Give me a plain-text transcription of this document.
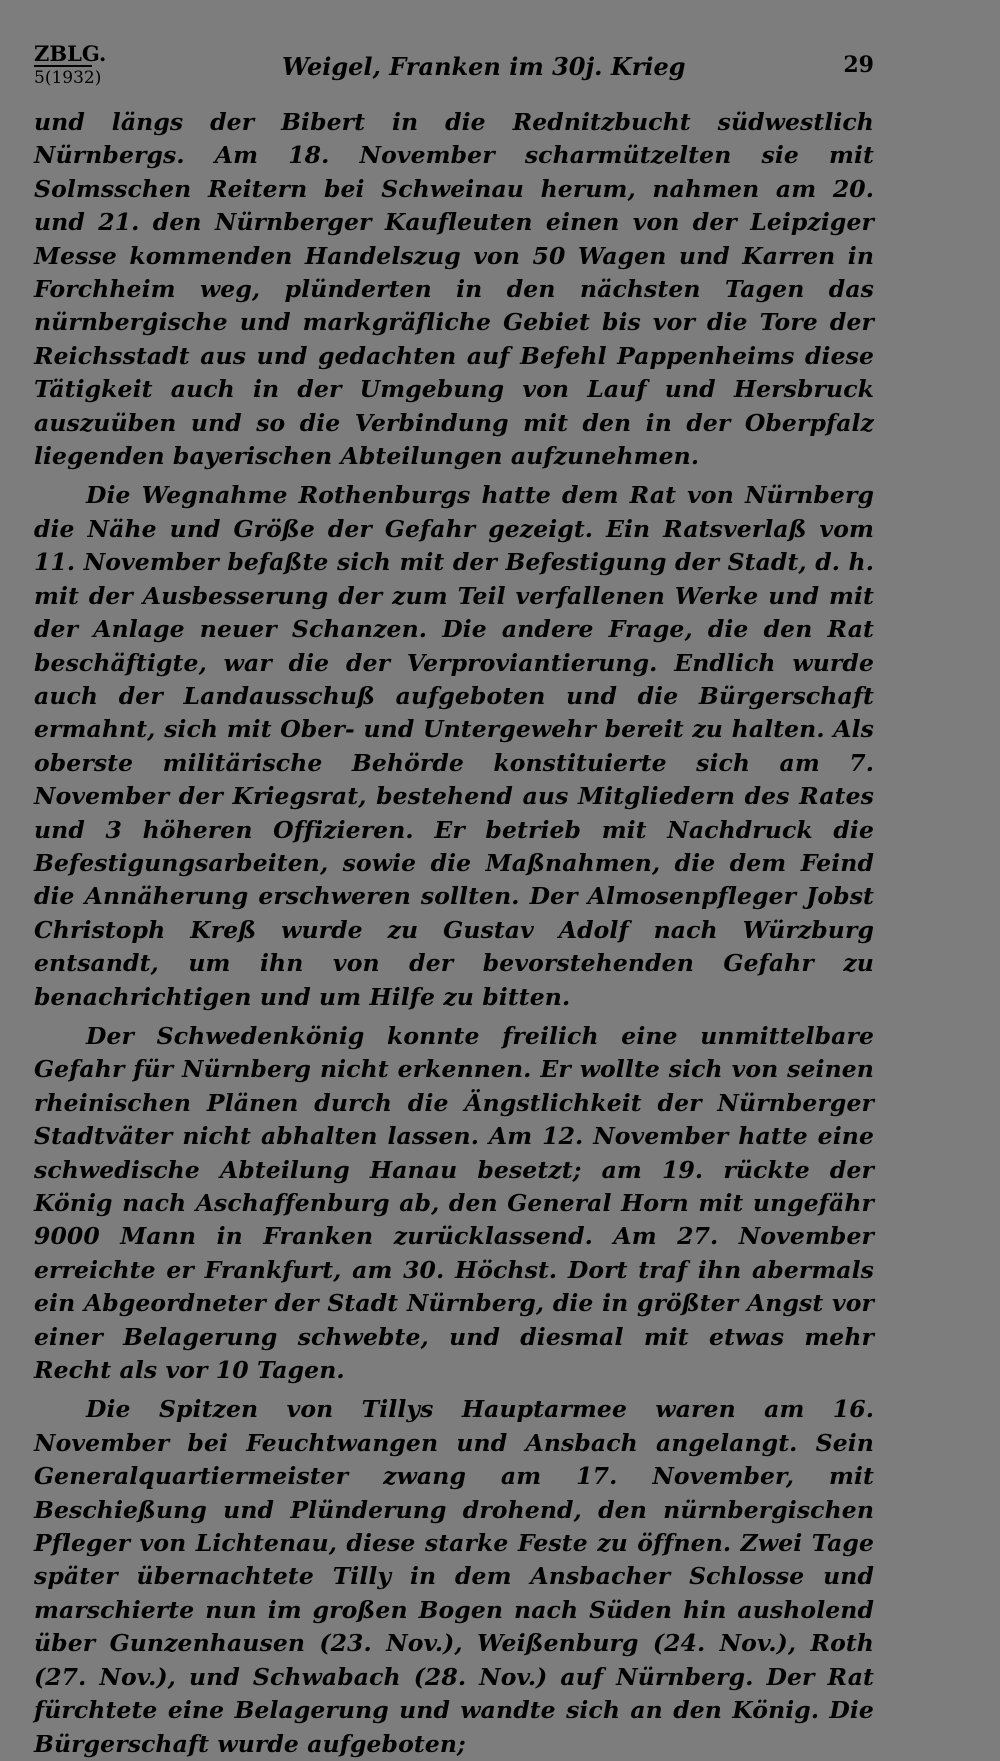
ZBLG.
5(1932)	Weigel, Franken im 30j. Krieg	29

und längs der Bibert in die Rednitzbucht südwestlich Nürnbergs. Am 18. November scharmützelten sie mit Solmsschen Reitern bei Schweinau herum, nahmen am 20. und 21. den Nürnberger Kaufleuten einen von der Leipziger Messe kommenden Handelszug von 50 Wagen und Karren in Forchheim weg, plünderten in den nächsten Tagen das nürnbergische und markgräfliche Gebiet bis vor die Tore der Reichsstadt aus und gedachten auf Befehl Pappenheims diese Tätigkeit auch in der Umgebung von Lauf und Hersbruck auszuüben und so die Verbindung mit den in der Oberpfalz liegenden bayerischen Abteilungen aufzunehmen.

Die Wegnahme Rothenburgs hatte dem Rat von Nürnberg die Nähe und Größe der Gefahr gezeigt. Ein Ratsverlaß vom 11. November befaßte sich mit der Befestigung der Stadt, d. h. mit der Ausbesserung der zum Teil verfallenen Werke und mit der Anlage neuer Schanzen. Die andere Frage, die den Rat beschäftigte, war die der Verproviantierung. Endlich wurde auch der Landausschuß aufgeboten und die Bürgerschaft ermahnt, sich mit Ober- und Untergewehr bereit zu halten. Als oberste militärische Behörde konstituierte sich am 7. November der Kriegsrat, bestehend aus Mitgliedern des Rates und 3 höheren Offizieren. Er betrieb mit Nachdruck die Befestigungsarbeiten, sowie die Maßnahmen, die dem Feind die Annäherung erschweren sollten. Der Almosenpfleger Jobst Christoph Kreß wurde zu Gustav Adolf nach Würzburg entsandt, um ihn von der bevorstehenden Gefahr zu benachrichtigen und um Hilfe zu bitten.

Der Schwedenkönig konnte freilich eine unmittelbare Gefahr für Nürnberg nicht erkennen. Er wollte sich von seinen rheinischen Plänen durch die Ängstlichkeit der Nürnberger Stadtväter nicht abhalten lassen. Am 12. November hatte eine schwedische Abteilung Hanau besetzt; am 19. rückte der König nach Aschaffenburg ab, den General Horn mit ungefähr 9000 Mann in Franken zurücklassend. Am 27. November erreichte er Frankfurt, am 30. Höchst. Dort traf ihn abermals ein Abgeordneter der Stadt Nürnberg, die in größter Angst vor einer Belagerung schwebte, und diesmal mit etwas mehr Recht als vor 10 Tagen.

Die Spitzen von Tillys Hauptarmee waren am 16. November bei Feuchtwangen und Ansbach angelangt. Sein Generalquartiermeister zwang am 17. November, mit Beschießung und Plünderung drohend, den nürnbergischen Pfleger von Lichtenau, diese starke Feste zu öffnen. Zwei Tage später übernachtete Tilly in dem Ansbacher Schlosse und marschierte nun im großen Bogen nach Süden hin ausholend über Gunzenhausen (23. Nov.), Weißenburg (24. Nov.), Roth (27. Nov.), und Schwabach (28. Nov.) auf Nürnberg. Der Rat fürchtete eine Belagerung und wandte sich an den König. Die Bürgerschaft wurde aufgeboten;
